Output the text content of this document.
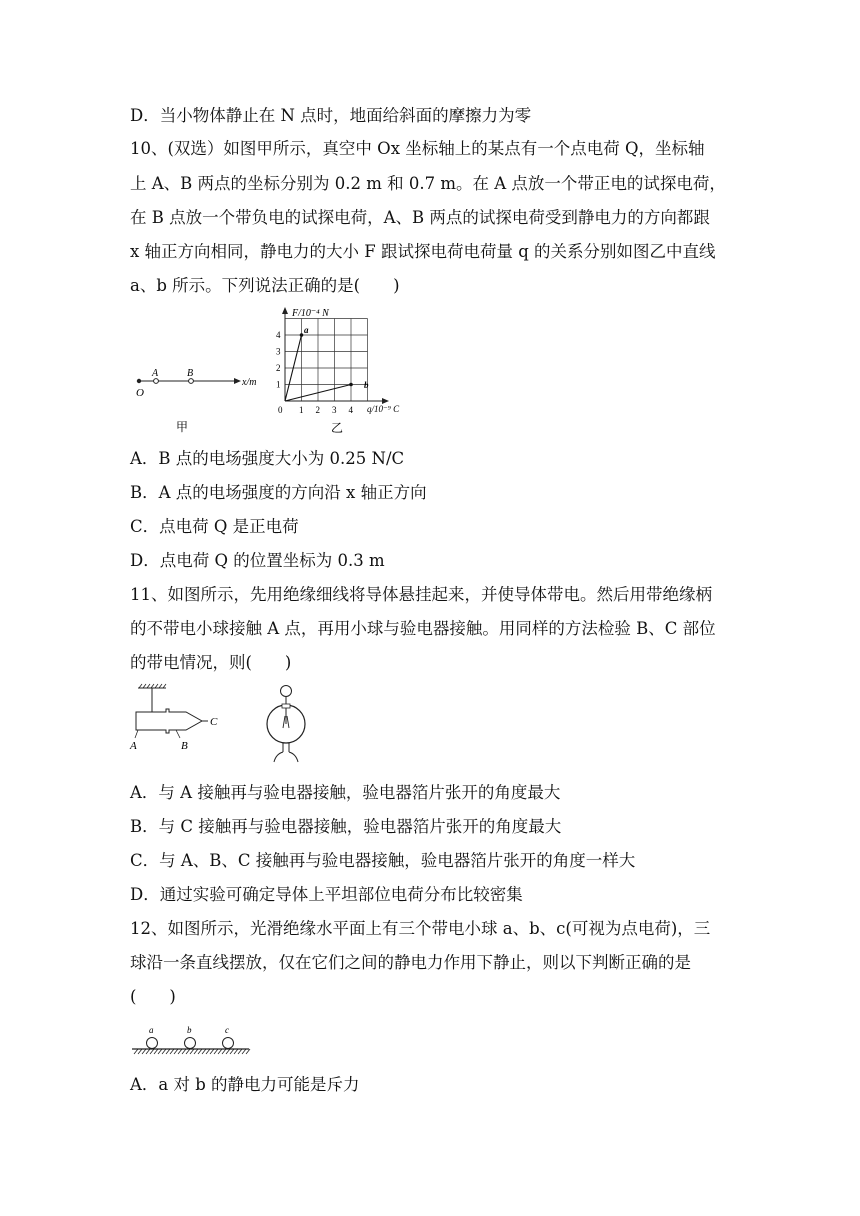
D．当小物体静止在 N 点时，地面给斜面的摩擦力为零
10、(双选）如图甲所示，真空中 Ox 坐标轴上的某点有一个点电荷 Q，坐标轴
上 A、B 两点的坐标分别为 0.2 m 和 0.7 m。在 A 点放一个带正电的试探电荷，
在 B 点放一个带负电的试探电荷，A、B 两点的试探电荷受到静电力的方向都跟
x 轴正方向相同，静电力的大小 F 跟试探电荷电荷量 q 的关系分别如图乙中直线
a、b 所示。下列说法正确的是(　　)
O
A	B
x/m
甲
1 2 3 4
1
2
3
4
0
F/10⁻⁴ N
q/10⁻⁹ C
a
b
乙
A．B 点的电场强度大小为 0.25 N/C
B．A 点的电场强度的方向沿 x 轴正方向
C．点电荷 Q 是正电荷
D．点电荷 Q 的位置坐标为 0.3 m
11、如图所示，先用绝缘细线将导体悬挂起来，并使导体带电。然后用带绝缘柄
的不带电小球接触 A 点，再用小球与验电器接触。用同样的方法检验 B、C 部位
的带电情况，则(　　)
C
A	B
A．与 A 接触再与验电器接触，验电器箔片张开的角度最大
B．与 C 接触再与验电器接触，验电器箔片张开的角度最大
C．与 A、B、C 接触再与验电器接触，验电器箔片张开的角度一样大
D．通过实验可确定导体上平坦部位电荷分布比较密集
12、如图所示，光滑绝缘水平面上有三个带电小球 a、b、c(可视为点电荷)，三
球沿一条直线摆放，仅在它们之间的静电力作用下静止，则以下判断正确的是
(　　)
a	b	c
A．a 对 b 的静电力可能是斥力
